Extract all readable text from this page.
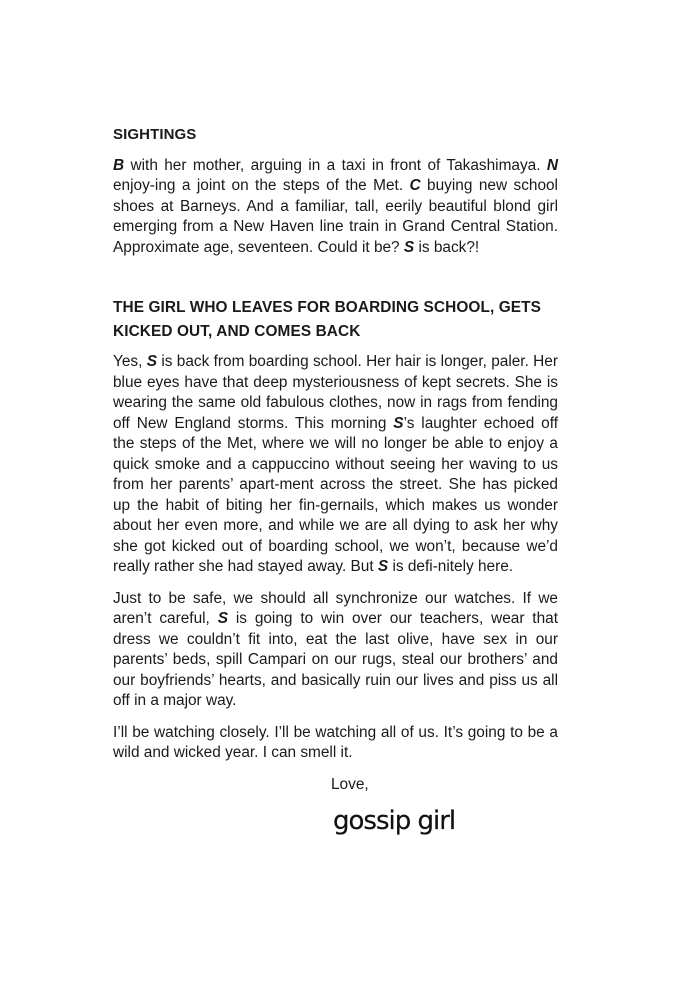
SIGHTINGS

B with her mother, arguing in a taxi in front of Takashimaya. N enjoy-ing a joint on the steps of the Met. C buying new school shoes at Barneys. And a familiar, tall, eerily beautiful blond girl emerging from a New Haven line train in Grand Central Station. Approximate age, seventeen. Could it be? S is back?!

THE GIRL WHO LEAVES FOR BOARDING SCHOOL, GETS KICKED OUT, AND COMES BACK

Yes, S is back from boarding school. Her hair is longer, paler. Her blue eyes have that deep mysteriousness of kept secrets. She is wearing the same old fabulous clothes, now in rags from fending off New England storms. This morning S’s laughter echoed off the steps of the Met, where we will no longer be able to enjoy a quick smoke and a cappuccino without seeing her waving to us from her parents’ apart-ment across the street. She has picked up the habit of biting her fin-gernails, which makes us wonder about her even more, and while we are all dying to ask her why she got kicked out of boarding school, we won’t, because we’d really rather she had stayed away. But S is defi-nitely here.

Just to be safe, we should all synchronize our watches. If we aren’t careful, S is going to win over our teachers, wear that dress we couldn’t fit into, eat the last olive, have sex in our parents’ beds, spill Campari on our rugs, steal our brothers’ and our boyfriends’ hearts, and basically ruin our lives and piss us all off in a major way.

I’ll be watching closely. I’ll be watching all of us. It’s going to be a wild and wicked year. I can smell it.

Love,
gossip girl
